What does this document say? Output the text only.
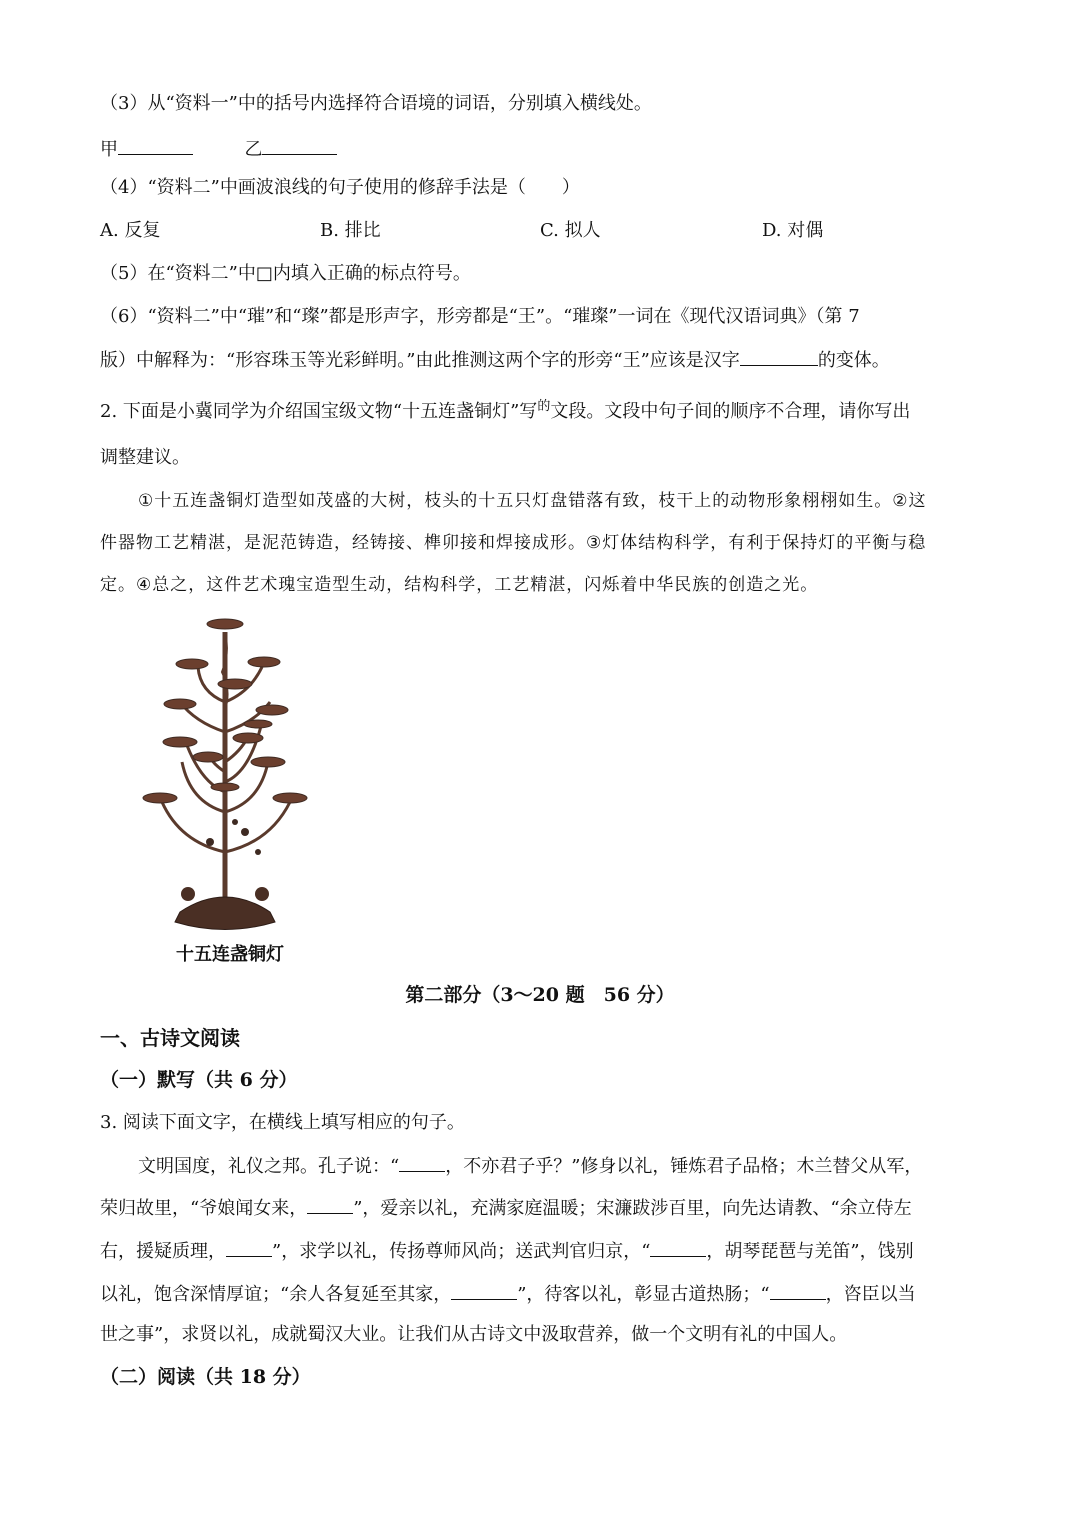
（3）从“资料一”中的括号内选择符合语境的词语，分别填入横线处。
甲	乙
（4）“资料二”中画波浪线的句子使用的修辞手法是（　　）
A. 反复	B. 排比	C. 拟人	D. 对偶
（5）在“资料二”中□内填入正确的标点符号。
（6）“资料二”中“璀”和“璨”都是形声字，形旁都是“王”。“璀璨”一词在《现代汉语词典》（第 7
版）中解释为：“形容珠玉等光彩鲜明。”由此推测这两个字的形旁“王”应该是汉字	的变体。
2. 下面是小冀同学为介绍国宝级文物“十五连盏铜灯”写$^的$文段。文段中句子间的顺序不合理，请你写出
调整建议。
①十五连盏铜灯造型如茂盛的大树，枝头的十五只灯盘错落有致，枝干上的动物形象栩栩如生。②这
件器物工艺精湛，是泥范铸造，经铸接、榫卯接和焊接成形。③灯体结构科学，有利于保持灯的平衡与稳
定。④总之，这件艺术瑰宝造型生动，结构科学，工艺精湛，闪烁着中华民族的创造之光。
十五连盏铜灯
第二部分（3～20 题　56 分）
一、古诗文阅读
（一）默写（共 6 分）
3. 阅读下面文字，在横线上填写相应的句子。
文明国度，礼仪之邦。孔子说：“	，不亦君子乎？”修身以礼，锤炼君子品格；木兰替父从军，
荣归故里，“爷娘闻女来，	”，爱亲以礼，充满家庭温暖；宋濂跋涉百里，向先达请教、“余立侍左
右，援疑质理，	”，求学以礼，传扬尊师风尚；送武判官归京，“	，胡琴琵琶与羌笛”，饯别
以礼，饱含深情厚谊；“余人各复延至其家，	”，待客以礼，彰显古道热肠；“	，咨臣以当
世之事”，求贤以礼，成就蜀汉大业。让我们从古诗文中汲取营养，做一个文明有礼的中国人。
（二）阅读（共 18 分）
